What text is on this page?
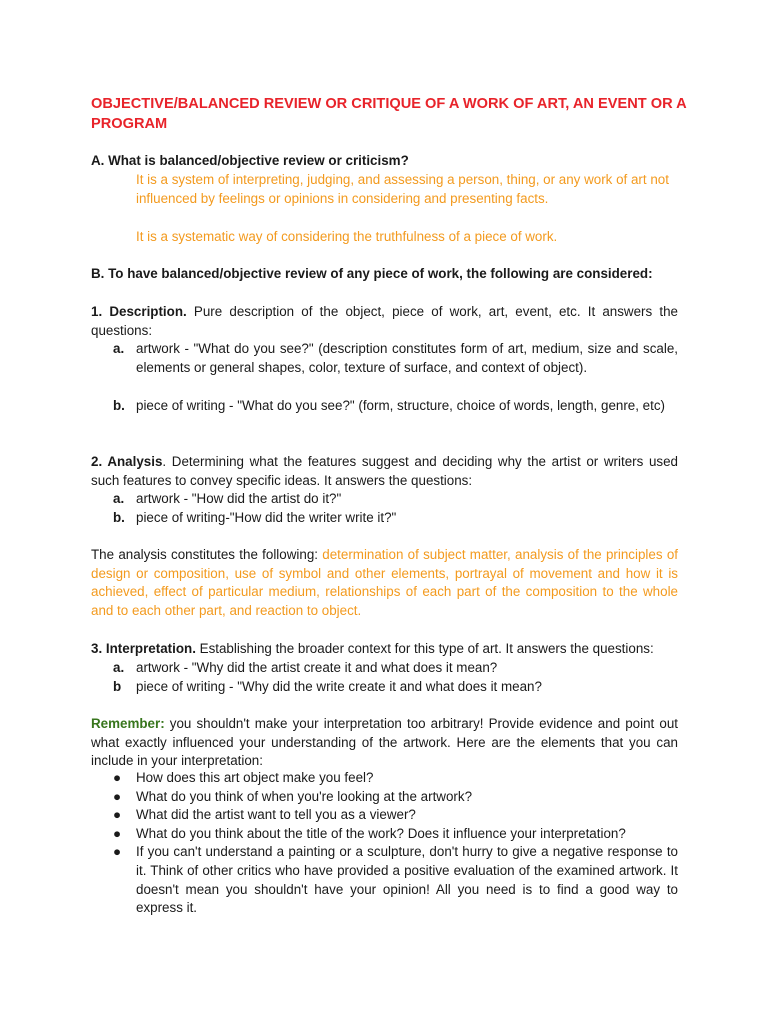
OBJECTIVE/BALANCED REVIEW OR CRITIQUE OF A WORK OF ART, AN EVENT OR A PROGRAM

A. What is balanced/objective review or criticism?

It is a system of interpreting, judging, and assessing a person, thing, or any work of art not influenced by feelings or opinions in considering and presenting facts.

It is a systematic way of considering the truthfulness of a piece of work.

B. To have balanced/objective review of any piece of work, the following are considered:

1. Description. Pure description of the object, piece of work, art, event, etc. It answers the questions:

a. artwork - "What do you see?" (description constitutes form of art, medium, size and scale, elements or general shapes, color, texture of surface, and context of object).

b. piece of writing - "What do you see?" (form, structure, choice of words, length, genre, etc)

2. Analysis. Determining what the features suggest and deciding why the artist or writers used such features to convey specific ideas. It answers the questions:

a. artwork - "How did the artist do it?"

b. piece of writing-"How did the writer write it?"

The analysis constitutes the following: determination of subject matter, analysis of the principles of design or composition, use of symbol and other elements, portrayal of movement and how it is achieved, effect of particular medium, relationships of each part of the composition to the whole and to each other part, and reaction to object.

3. Interpretation. Establishing the broader context for this type of art. It answers the questions:

a. artwork - "Why did the artist create it and what does it mean?

b piece of writing - "Why did the write create it and what does it mean?

Remember: you shouldn't make your interpretation too arbitrary! Provide evidence and point out what exactly influenced your understanding of the artwork. Here are the elements that you can include in your interpretation:

● How does this art object make you feel?
● What do you think of when you're looking at the artwork?
● What did the artist want to tell you as a viewer?
● What do you think about the title of the work? Does it influence your interpretation?
● If you can't understand a painting or a sculpture, don't hurry to give a negative response to it. Think of other critics who have provided a positive evaluation of the examined artwork. It doesn't mean you shouldn't have your opinion! All you need is to find a good way to express it.
